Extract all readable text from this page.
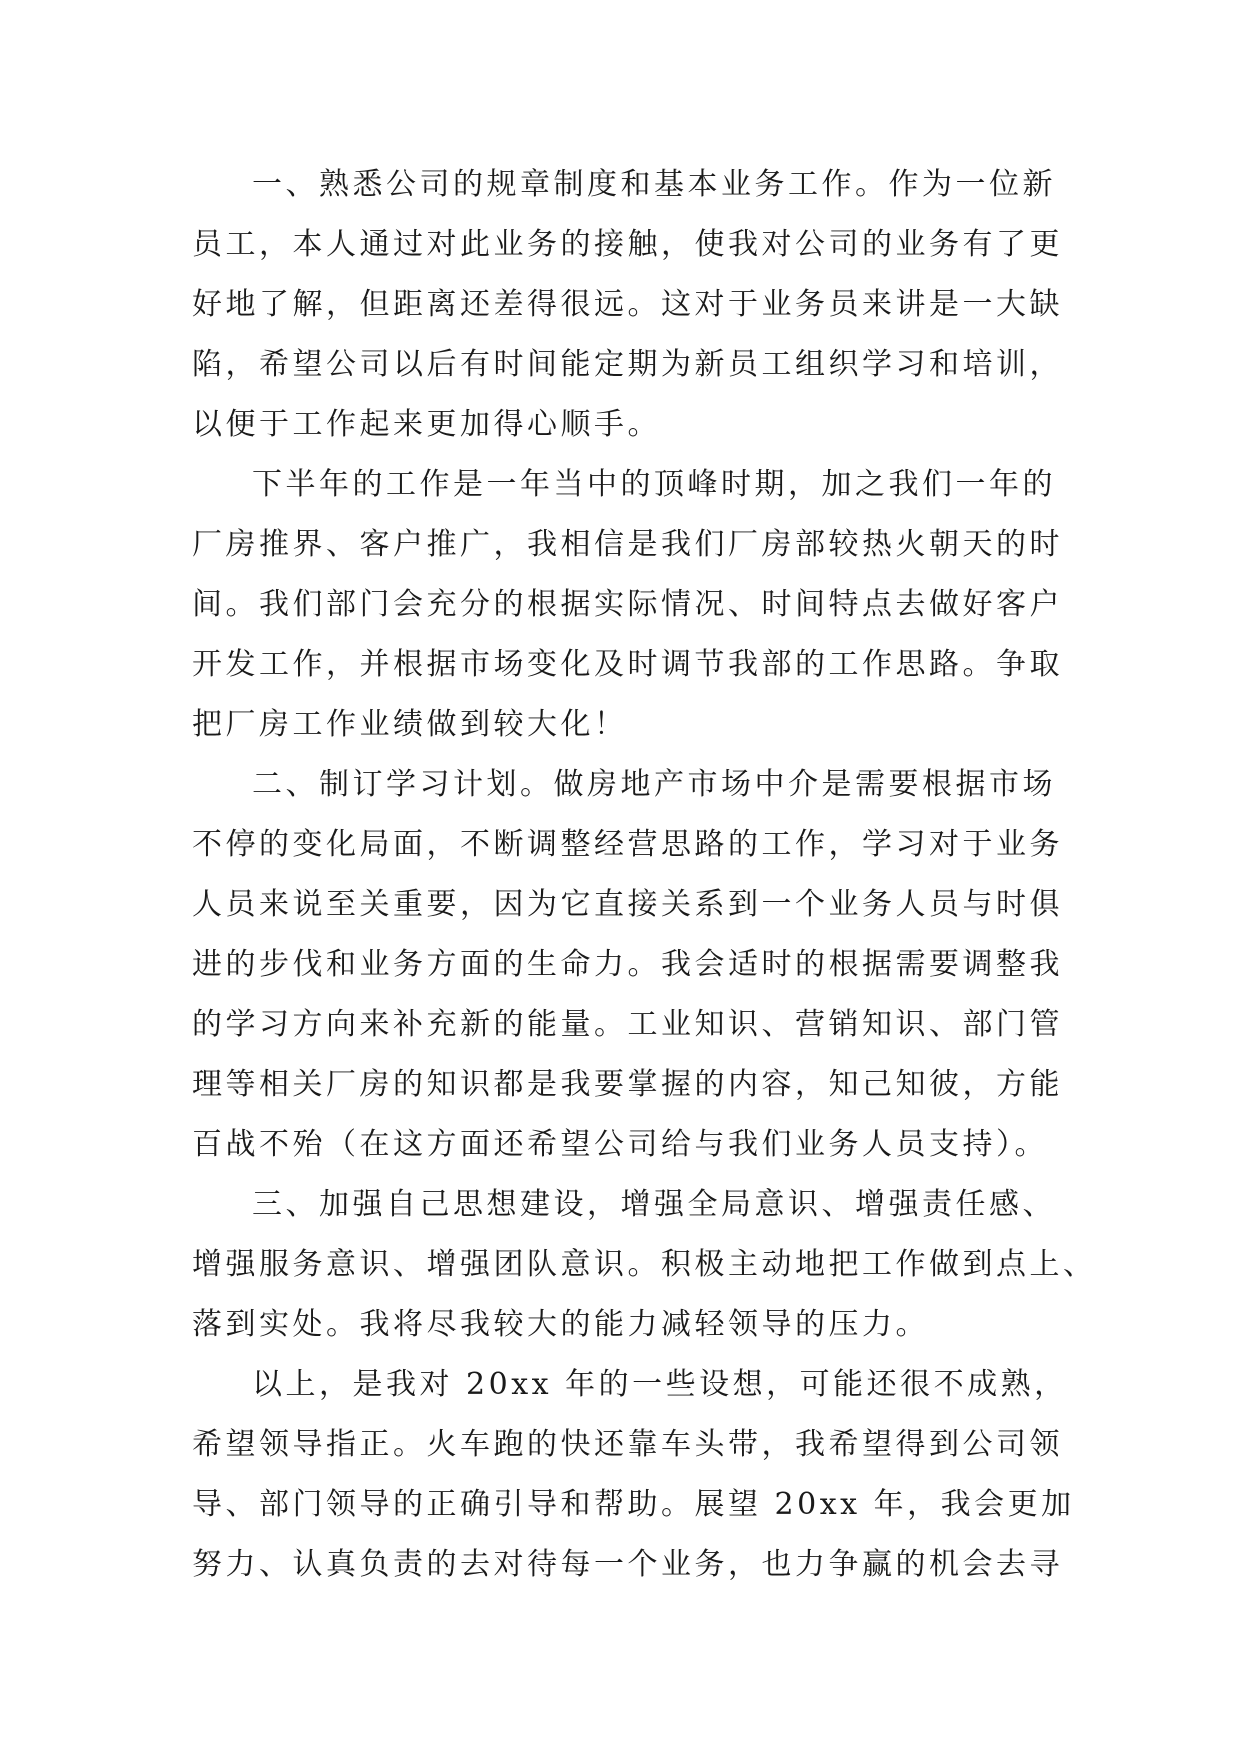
一、熟悉公司的规章制度和基本业务工作。作为一位新
员工，本人通过对此业务的接触，使我对公司的业务有了更
好地了解，但距离还差得很远。这对于业务员来讲是一大缺
陷，希望公司以后有时间能定期为新员工组织学习和培训，
以便于工作起来更加得心顺手。
下半年的工作是一年当中的顶峰时期，加之我们一年的
厂房推界、客户推广，我相信是我们厂房部较热火朝天的时
间。我们部门会充分的根据实际情况、时间特点去做好客户
开发工作，并根据市场变化及时调节我部的工作思路。争取
把厂房工作业绩做到较大化！
二、制订学习计划。做房地产市场中介是需要根据市场
不停的变化局面，不断调整经营思路的工作，学习对于业务
人员来说至关重要，因为它直接关系到一个业务人员与时俱
进的步伐和业务方面的生命力。我会适时的根据需要调整我
的学习方向来补充新的能量。工业知识、营销知识、部门管
理等相关厂房的知识都是我要掌握的内容，知己知彼，方能
百战不殆（在这方面还希望公司给与我们业务人员支持）。
三、加强自己思想建设，增强全局意识、增强责任感、
增强服务意识、增强团队意识。积极主动地把工作做到点上、
落到实处。我将尽我较大的能力减轻领导的压力。
以上，是我对 20xx 年的一些设想，可能还很不成熟，
希望领导指正。火车跑的快还靠车头带，我希望得到公司领
导、部门领导的正确引导和帮助。展望 20xx 年，我会更加
努力、认真负责的去对待每一个业务，也力争赢的机会去寻
